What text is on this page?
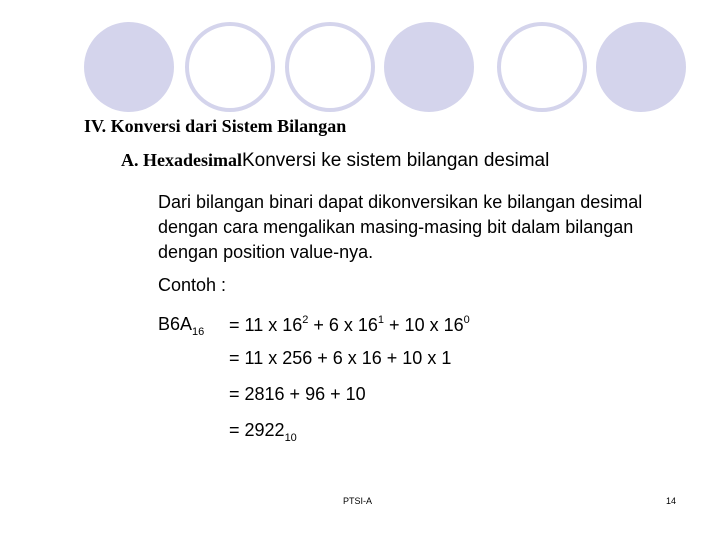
IV. Konversi dari Sistem Bilangan
A. HexadesimalKonversi ke sistem bilangan desimal
Dari bilangan binari dapat dikonversikan ke bilangan desimal dengan cara mengalikan masing-masing bit dalam bilangan dengan position value-nya.
Contoh :
$B6A_{16} = 11$ x $16^2 + 6$ x $16^1 + 10$ x $16^0$
= 11 x 256 + 6 x 16 + 10 x 1
= 2816 + 96 + 10
= $2922_{10}$
PTSI-A	14
